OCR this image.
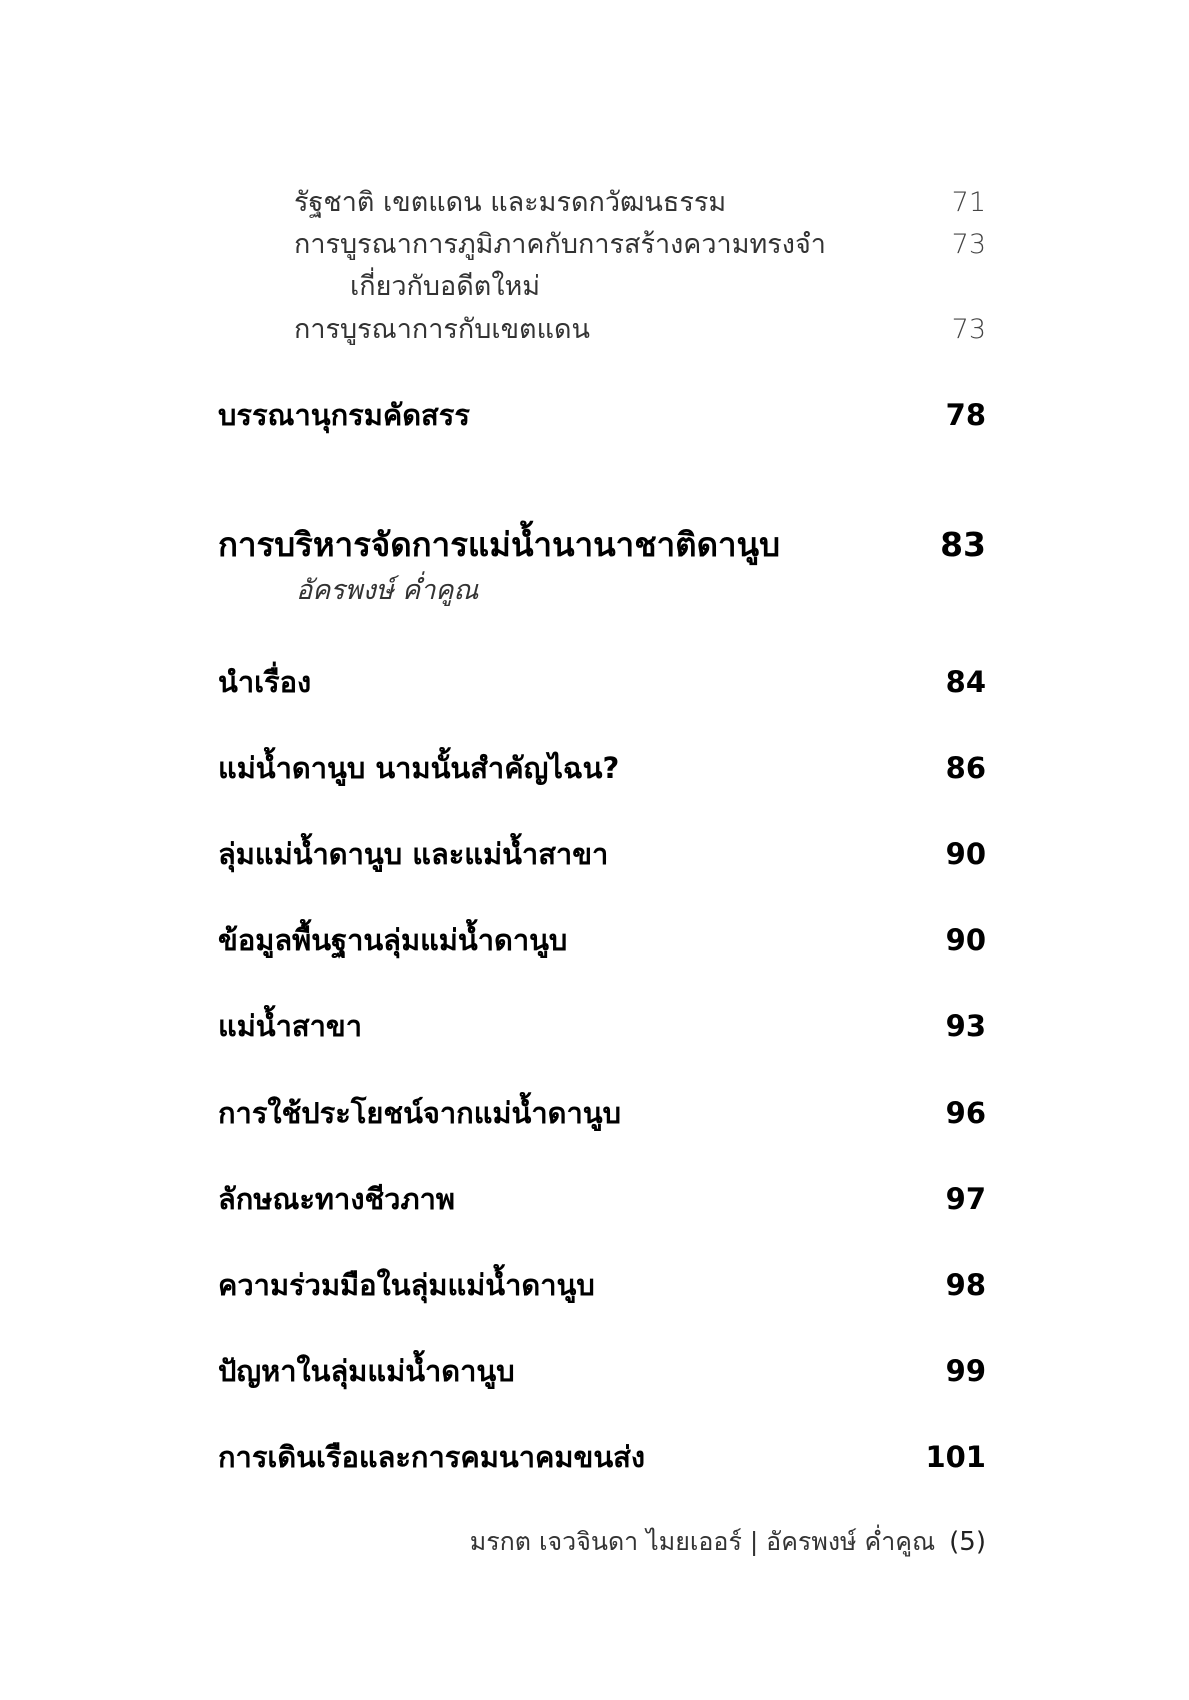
รัฐชาติ เขตแดน และมรดกวัฒนธรรม	71
การบูรณาการภูมิภาคกับการสร้างความทรงจำ	73
เกี่ยวกับอดีตใหม่
การบูรณาการกับเขตแดน	73
บรรณานุกรมคัดสรร	78
การบริหารจัดการแม่น้ำนานาชาติดานูบ	83
อัครพงษ์ ค่ำคูณ
นำเรื่อง	84
แม่น้ำดานูบ นามนั้นสำคัญไฉน?	86
ลุ่มแม่น้ำดานูบ และแม่น้ำสาขา	90
ข้อมูลพื้นฐานลุ่มแม่น้ำดานูบ	90
แม่น้ำสาขา	93
การใช้ประโยชน์จากแม่น้ำดานูบ	96
ลักษณะทางชีวภาพ	97
ความร่วมมือในลุ่มแม่น้ำดานูบ	98
ปัญหาในลุ่มแม่น้ำดานูบ	99
การเดินเรือและการคมนาคมขนส่ง	101
มรกต เจวจินดา ไมยเออร์ | อัครพงษ์ ค่ำคูณ (5)
